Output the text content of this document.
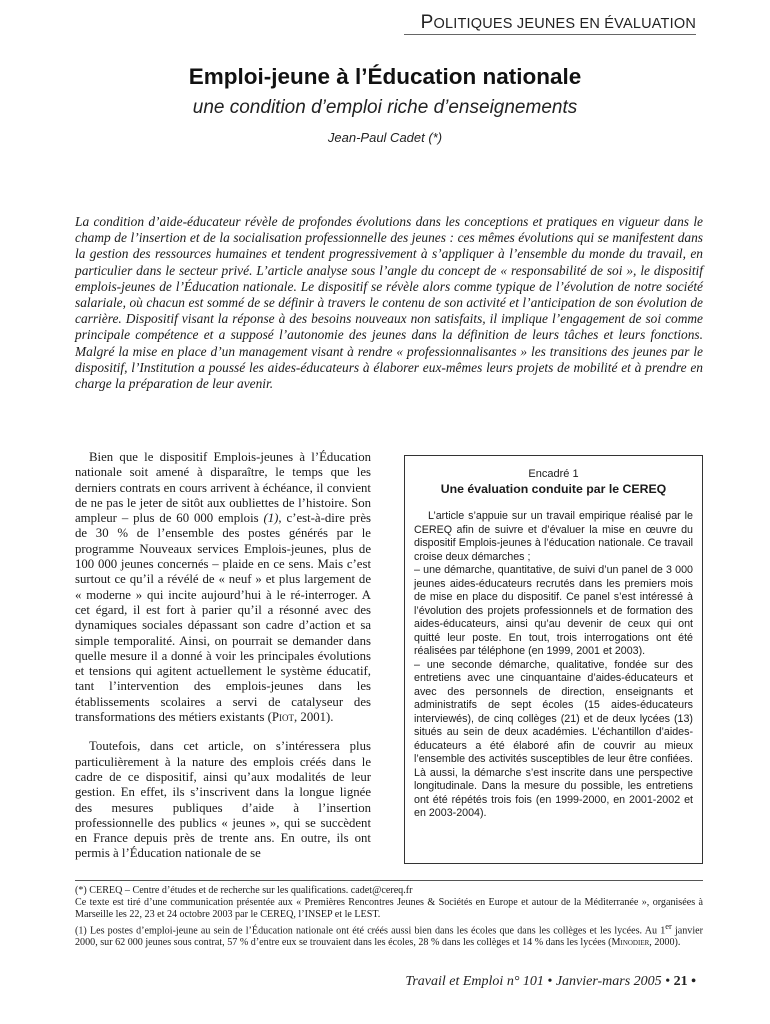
POLITIQUES JEUNES EN ÉVALUATION
Emploi-jeune à l’Éducation nationale
une condition d’emploi riche d’enseignements
Jean-Paul Cadet (*)
La condition d’aide-éducateur révèle de profondes évolutions dans les conceptions et pratiques en vigueur dans le champ de l’insertion et de la socialisation professionnelle des jeunes : ces mêmes évolutions qui se manifestent dans la gestion des ressources humaines et tendent progressivement à s’appliquer à l’ensemble du monde du travail, en particulier dans le secteur privé. L’article analyse sous l’angle du concept de « responsabilité de soi », le dispositif emplois-jeunes de l’Éducation nationale. Le dispositif se révèle alors comme typique de l’évolution de notre société salariale, où chacun est sommé de se définir à travers le contenu de son activité et l’anticipation de son évolution de carrière. Dispositif visant la réponse à des besoins nouveaux non satisfaits, il implique l’engagement de soi comme principale compétence et a supposé l’autonomie des jeunes dans la définition de leurs tâches et leurs fonctions. Malgré la mise en place d’un management visant à rendre « professionnalisantes » les transitions des jeunes par le dispositif, l’Institution a poussé les aides-éducateurs à élaborer eux-mêmes leurs projets de mobilité et à prendre en charge la préparation de leur avenir.

Bien que le dispositif Emplois-jeunes à l’Éducation nationale soit amené à disparaître, le temps que les derniers contrats en cours arrivent à échéance, il convient de ne pas le jeter de sitôt aux oubliettes de l’histoire. Son ampleur – plus de 60 000 emplois (1), c’est-à-dire près de 30 % de l’ensemble des postes générés par le programme Nouveaux services Emplois-jeunes, plus de 100 000 jeunes concernés – plaide en ce sens. Mais c’est surtout ce qu’il a révélé de « neuf » et plus largement de « moderne » qui incite aujourd’hui à le ré-interroger. A cet égard, il est fort à parier qu’il a résonné avec des dynamiques sociales dépassant son cadre d’action et sa simple temporalité. Ainsi, on pourrait se demander dans quelle mesure il a donné à voir les principales évolutions et tensions qui agitent actuellement le système éducatif, tant l’intervention des emplois-jeunes dans les établissements scolaires a servi de catalyseur des transformations des métiers existants (Piot, 2001).

Toutefois, dans cet article, on s’intéressera plus particulièrement à la nature des emplois créés dans le cadre de ce dispositif, ainsi qu’aux modalités de leur gestion. En effet, ils s’inscrivent dans la longue lignée des mesures publiques d’aide à l’insertion professionnelle des publics « jeunes », qui se succèdent en France depuis près de trente ans. En outre, ils ont permis à l’Éducation nationale de se

Encadré 1
Une évaluation conduite par le CEREQ

L’article s’appuie sur un travail empirique réalisé par le CEREQ afin de suivre et d’évaluer la mise en œuvre du dispositif Emplois-jeunes à l’éducation nationale. Ce travail croise deux démarches ;

– une démarche, quantitative, de suivi d’un panel de 3 000 jeunes aides-éducateurs recrutés dans les premiers mois de mise en place du dispositif. Ce panel s’est intéressé à l’évolution des projets professionnels et de formation des aides-éducateurs, ainsi qu’au devenir de ceux qui ont quitté leur poste. En tout, trois interrogations ont été réalisées par téléphone (en 1999, 2001 et 2003).

– une seconde démarche, qualitative, fondée sur des entretiens avec une cinquantaine d’aides-éducateurs et avec des personnels de direction, enseignants et administratifs de sept écoles (15 aides-éducateurs interviewés), de cinq collèges (21) et de deux lycées (13) situés au sein de deux académies. L’échantillon d’aides-éducateurs a été élaboré afin de couvrir au mieux l’ensemble des activités susceptibles de leur être confiées. Là aussi, la démarche s’est inscrite dans une perspective longitudinale. Dans la mesure du possible, les entretiens ont été répétés trois fois (en 1999-2000, en 2001-2002 et en 2003-2004).

(*) CEREQ – Centre d’études et de recherche sur les qualifications. cadet@cereq.fr
Ce texte est tiré d’une communication présentée aux « Premières Rencontres Jeunes & Sociétés en Europe et autour de la Méditerranée », organisées à Marseille les 22, 23 et 24 octobre 2003 par le CEREQ, l’INSEP et le LEST.
(1) Les postes d’emploi-jeune au sein de l’Éducation nationale ont été créés aussi bien dans les écoles que dans les collèges et les lycées. Au 1er janvier 2000, sur 62 000 jeunes sous contrat, 57 % d’entre eux se trouvaient dans les écoles, 28 % dans les collèges et 14 % dans les lycées (Minodier, 2000).
Travail et Emploi n° 101 • Janvier-mars 2005 • 21 •
